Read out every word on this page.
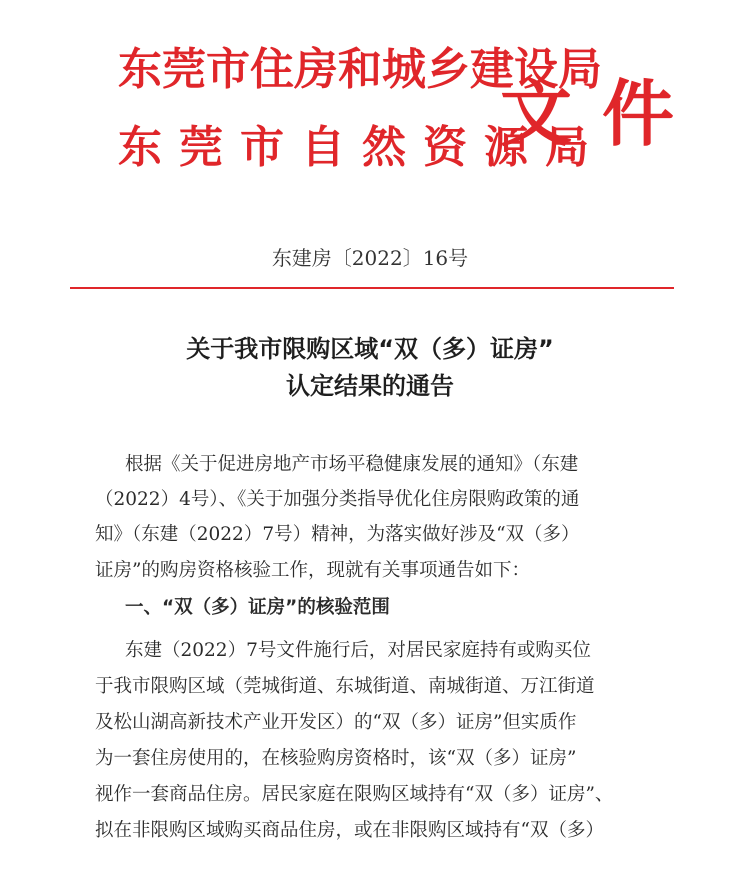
东莞市住房和城乡建设局
东莞市自然资源局
文件
东建房〔2022〕16号
关于我市限购区域“双（多）证房”
认定结果的通告
根据《关于促进房地产市场平稳健康发展的通知》（东建
（2022）4号）、《关于加强分类指导优化住房限购政策的通
知》（东建（2022）7号）精神，为落实做好涉及“双（多）
证房”的购房资格核验工作，现就有关事项通告如下：
一、“双（多）证房”的核验范围
东建（2022）7号文件施行后，对居民家庭持有或购买位
于我市限购区域（莞城街道、东城街道、南城街道、万江街道
及松山湖高新技术产业开发区）的“双（多）证房”但实质作
为一套住房使用的，在核验购房资格时，该“双（多）证房”
视作一套商品住房。居民家庭在限购区域持有“双（多）证房”、
拟在非限购区域购买商品住房，或在非限购区域持有“双（多）
